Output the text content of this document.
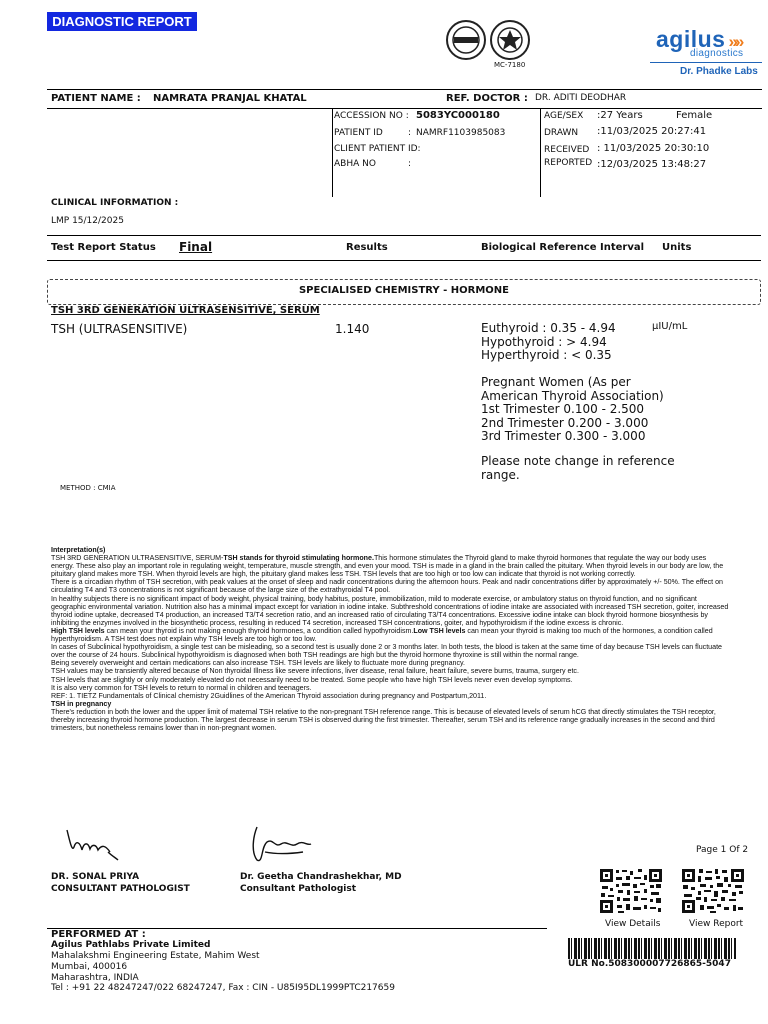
DIAGNOSTIC REPORT
MC-7180
agilus »»
diagnostics
Dr. Phadke Labs
PATIENT NAME : NAMRATA PRANJAL KHATAL	REF. DOCTOR : DR. ADITI DEODHAR
ACCESSION NO : 5083YC000180
PATIENT ID	: NAMRF1103985083
CLIENT PATIENT ID:
ABHA NO	:
AGE/SEX :27 Years	Female
DRAWN :11/03/2025 20:27:41
RECEIVED : 11/03/2025 20:30:10
REPORTED :12/03/2025 13:48:27
CLINICAL INFORMATION :
LMP 15/12/2025
Test Report Status Final	Results	Biological Reference Interval Units
SPECIALISED CHEMISTRY - HORMONE
TSH 3RD GENERATION ULTRASENSITIVE, SERUM
TSH (ULTRASENSITIVE)	1.140	µIU/mL
Euthyroid : 0.35 - 4.94
Hypothyroid : > 4.94
Hyperthyroid : < 0.35
Pregnant Women (As per
American Thyroid Association)
1st Trimester 0.100 - 2.500
2nd Trimester 0.200 - 3.000
3rd Trimester 0.300 - 3.000
Please note change in reference
range.
METHOD : CMIA

Interpretation(s)

TSH 3RD GENERATION ULTRASENSITIVE, SERUM-TSH stands for thyroid stimulating hormone.This hormone stimulates the Thyroid gland to make thyroid hormones that regulate the way our body uses energy. These also play an important role in regulating weight, temperature, muscle strength, and even your mood. TSH is made in a gland in the brain called the pituitary. When thyroid levels in our body are low, the pituitary gland makes more TSH. When thyroid levels are high, the pituitary gland makes less TSH. TSH levels that are too high or too low can indicate that thyroid is not working correctly.

There is a circadian rhythm of TSH secretion, with peak values at the onset of sleep and nadir concentrations during the afternoon hours. Peak and nadir concentrations differ by approximately +/- 50%. The effect on circulating T4 and T3 concentrations is not significant because of the large size of the extrathyroidal T4 pool.

In healthy subjects there is no significant impact of body weight, physical training, body habitus, posture, immobilization, mild to moderate exercise, or ambulatory status on thyroid function, and no significant geographic environmental variation. Nutrition also has a minimal impact except for variation in iodine intake. Subthreshold concentrations of iodine intake are associated with increased TSH secretion, goiter, increased thyroid iodine uptake, decreased T4 production, an increased T3/T4 secretion ratio, and an increased ratio of circulating T3/T4 concentrations. Excessive iodine intake can block thyroid hormone biosynthesis by inhibiting the enzymes involved in the biosynthetic process, resulting in reduced T4 secretion, increased TSH concentrations, goiter, and hypothyroidism if the iodine excess is chronic.

High TSH levels can mean your thyroid is not making enough thyroid hormones, a condition called hypothyroidism.Low TSH levels can mean your thyroid is making too much of the hormones, a condition called hyperthyroidism. A TSH test does not explain why TSH levels are too high or too low.

In cases of Subclinical hypothyroidism, a single test can be misleading, so a second test is usually done 2 or 3 months later. In both tests, the blood is taken at the same time of day because TSH levels can fluctuate over the course of 24 hours. Subclinical hypothyroidism is diagnosed when both TSH readings are high but the thyroid hormone thyroxine is still within the normal range.

Being severely overweight and certain medications can also increase TSH. TSH levels are likely to fluctuate more during pregnancy.

TSH values may be transiently altered because of Non thyroidal Illness like severe infections, liver disease, renal failure, heart failure, severe burns, trauma, surgery etc.

TSH levels that are slightly or only moderately elevated do not necessarily need to be treated. Some people who have high TSH levels never even develop symptoms.

It is also very common for TSH levels to return to normal in children and teenagers.

REF: 1. TIETZ Fundamentals of Clinical chemistry 2Guidlines of the American Thyroid association during pregnancy and Postpartum,2011.

TSH in pregnancy

There's reduction in both the lower and the upper limit of maternal TSH relative to the non-pregnant TSH reference range. This is because of elevated levels of serum hCG that directly stimulates the TSH receptor, thereby increasing thyroid hormone production. The largest decrease in serum TSH is observed during the first trimester. Thereafter, serum TSH and its reference range gradually increases in the second and third trimesters, but nonetheless remains lower than in non-pregnant women.

DR. SONAL PRIYA
CONSULTANT PATHOLOGIST
Dr. Geetha Chandrashekhar, MD
Consultant Pathologist
Page 1 Of 2
View Details	View Report
ULR No.508300007726865-5047
PERFORMED AT :
Agilus Pathlabs Private Limited
Mahalakshmi Engineering Estate, Mahim West
Mumbai, 400016
Maharashtra, INDIA
Tel : +91 22 48247247/022 68247247, Fax : CIN - U85I95DL1999PTC217659
